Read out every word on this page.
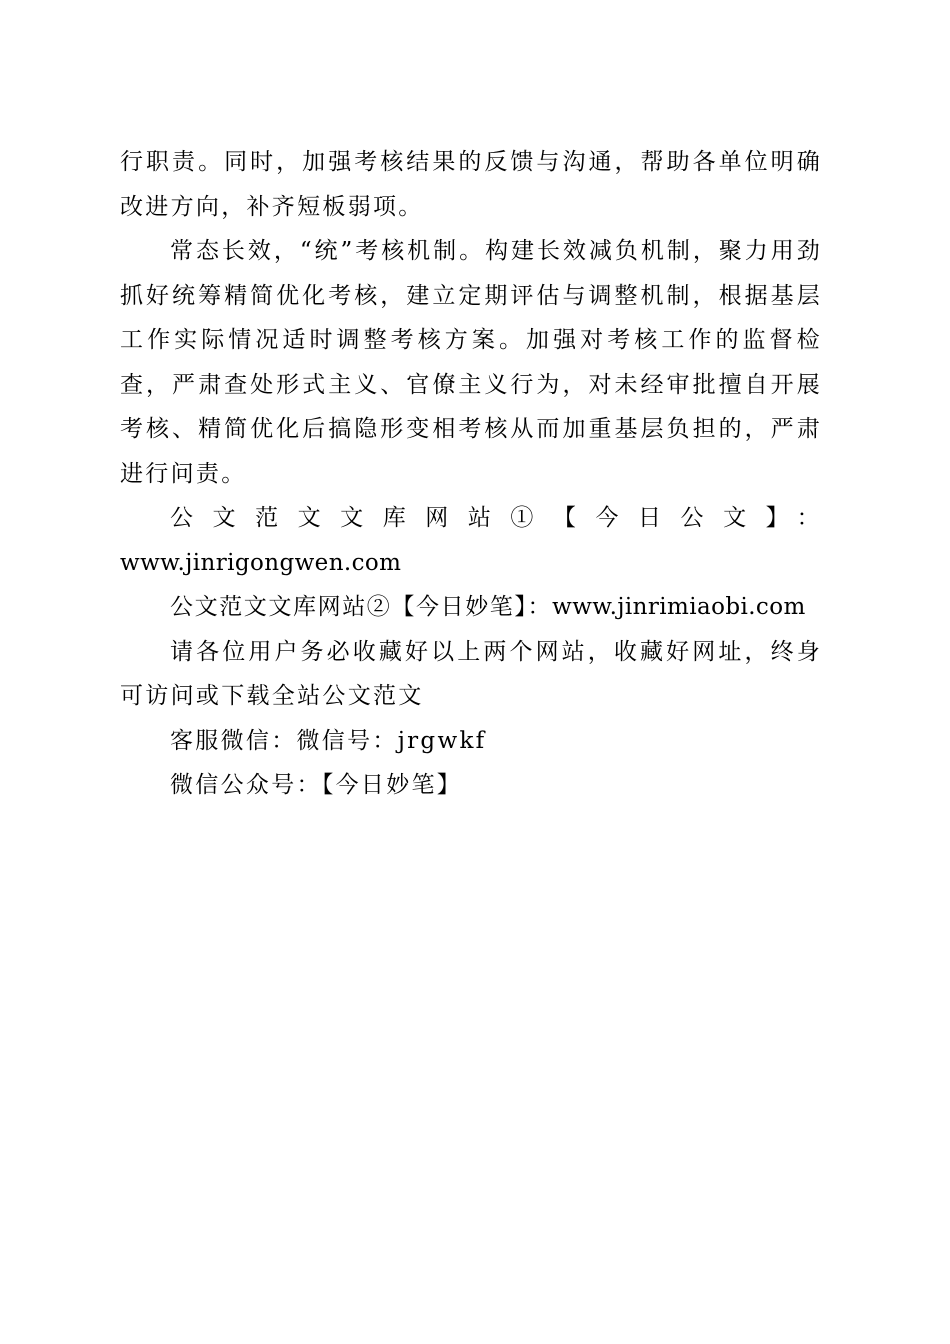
行职责。同时，加强考核结果的反馈与沟通，帮助各单位明确改进方向，补齐短板弱项。

常态长效，“统”考核机制。构建长效减负机制，聚力用劲抓好统筹精简优化考核，建立定期评估与调整机制，根据基层工作实际情况适时调整考核方案。加强对考核工作的监督检查，严肃查处形式主义、官僚主义行为，对未经审批擅自开展考核、精简优化后搞隐形变相考核从而加重基层负担的，严肃进行问责。

公文范文文库网站①【今日公文】：

www.jinrigongwen.com

公文范文文库网站②【今日妙笔】：www.jinrimiaobi.com

请各位用户务必收藏好以上两个网站，收藏好网址，终身可访问或下载全站公文范文

客服微信：微信号：jrgwkf

微信公众号：【今日妙笔】
